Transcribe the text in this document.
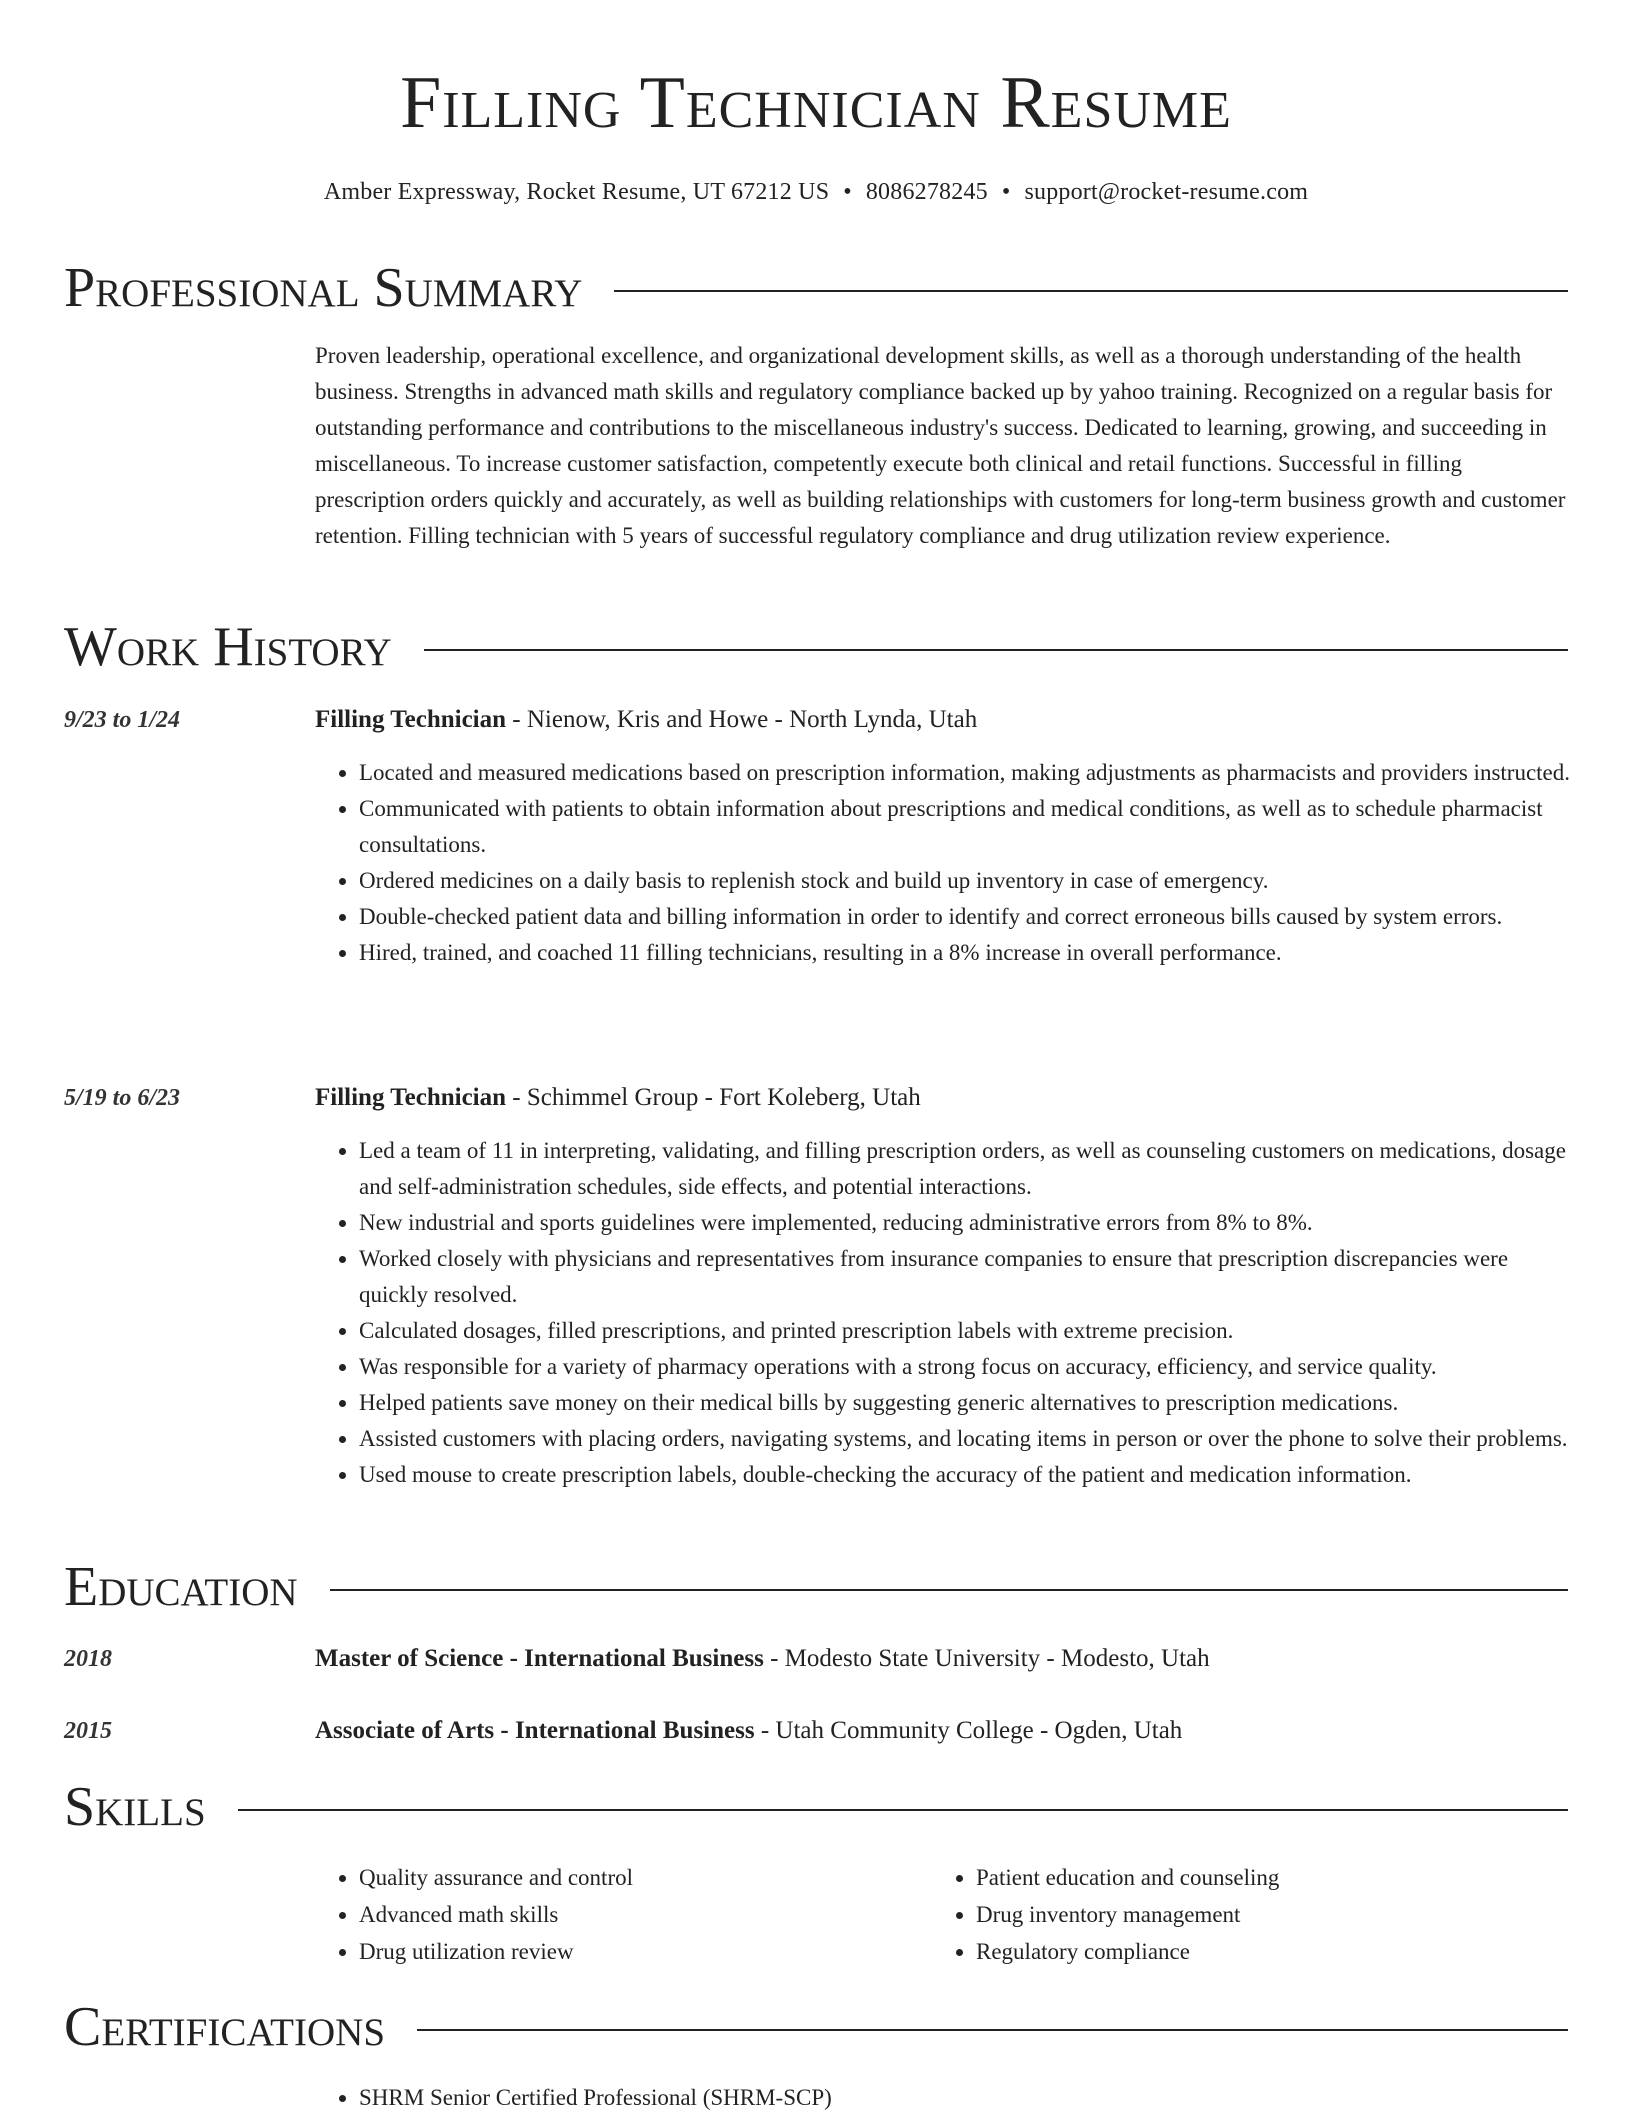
Filling Technician Resume
Amber Expressway, Rocket Resume, UT 67212 US • 8086278245 • support@rocket-resume.com
Professional Summary
Proven leadership, operational excellence, and organizational development skills, as well as a thorough understanding of the health business. Strengths in advanced math skills and regulatory compliance backed up by yahoo training. Recognized on a regular basis for outstanding performance and contributions to the miscellaneous industry's success. Dedicated to learning, growing, and succeeding in miscellaneous. To increase customer satisfaction, competently execute both clinical and retail functions. Successful in filling prescription orders quickly and accurately, as well as building relationships with customers for long-term business growth and customer retention. Filling technician with 5 years of successful regulatory compliance and drug utilization review experience.
Work History
9/23 to 1/24	Filling Technician - Nienow, Kris and Howe - North Lynda, Utah
• Located and measured medications based on prescription information, making adjustments as pharmacists and providers instructed.
• Communicated with patients to obtain information about prescriptions and medical conditions, as well as to schedule pharmacist consultations.
• Ordered medicines on a daily basis to replenish stock and build up inventory in case of emergency.
• Double-checked patient data and billing information in order to identify and correct erroneous bills caused by system errors.
• Hired, trained, and coached 11 filling technicians, resulting in a 8% increase in overall performance.
5/19 to 6/23	Filling Technician - Schimmel Group - Fort Koleberg, Utah
• Led a team of 11 in interpreting, validating, and filling prescription orders, as well as counseling customers on medications, dosage and self-administration schedules, side effects, and potential interactions.
• New industrial and sports guidelines were implemented, reducing administrative errors from 8% to 8%.
• Worked closely with physicians and representatives from insurance companies to ensure that prescription discrepancies were quickly resolved.
• Calculated dosages, filled prescriptions, and printed prescription labels with extreme precision.
• Was responsible for a variety of pharmacy operations with a strong focus on accuracy, efficiency, and service quality.
• Helped patients save money on their medical bills by suggesting generic alternatives to prescription medications.
• Assisted customers with placing orders, navigating systems, and locating items in person or over the phone to solve their problems.
• Used mouse to create prescription labels, double-checking the accuracy of the patient and medication information.
Education
2018	Master of Science - International Business - Modesto State University - Modesto, Utah
2015	Associate of Arts - International Business - Utah Community College - Ogden, Utah
Skills
• Quality assurance and control
• Advanced math skills
• Drug utilization review
• Patient education and counseling
• Drug inventory management
• Regulatory compliance
Certifications
• SHRM Senior Certified Professional (SHRM-SCP)
